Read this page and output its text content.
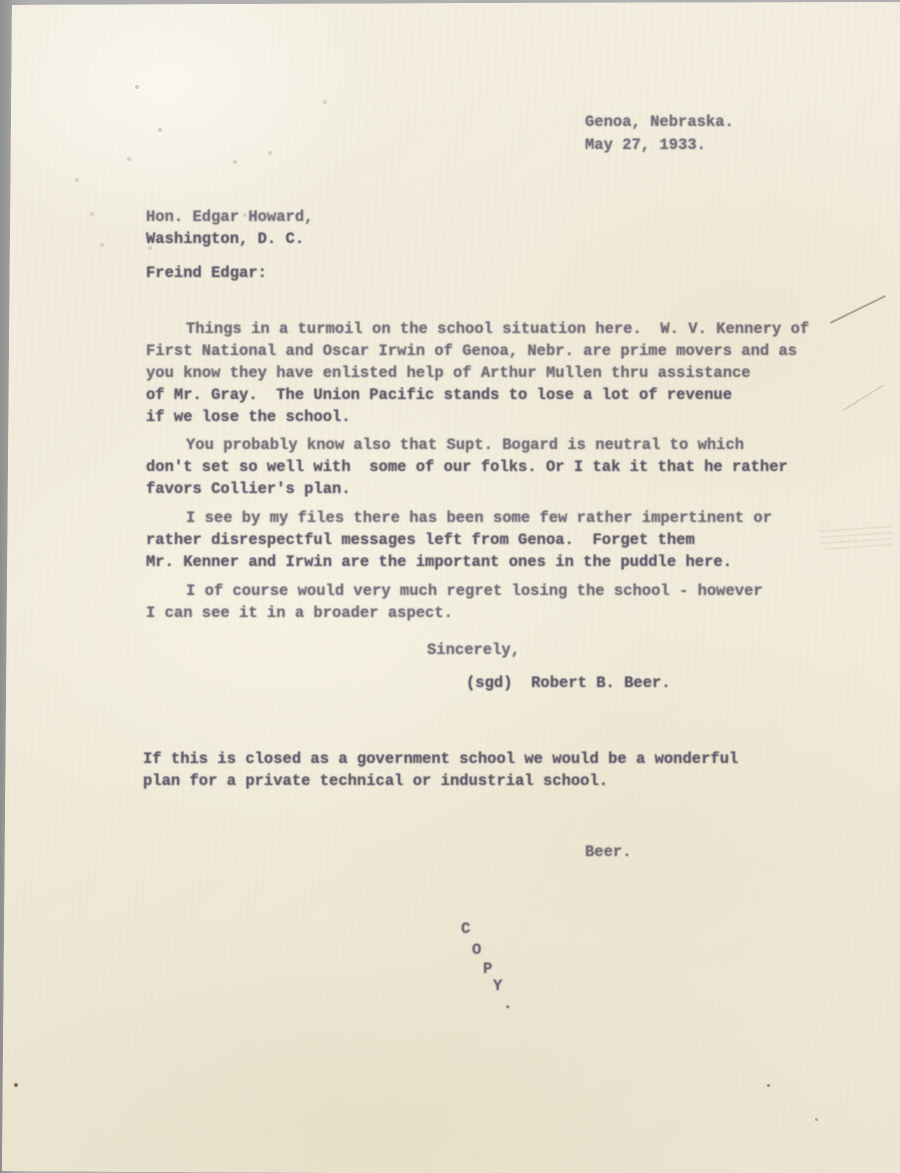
Genoa, Nebraska.
May 27, 1933.
Hon. Edgar Howard,
Washington, D. C.
Freind Edgar:
Things in a turmoil on the school situation here.  W. V. Kennery of
First National and Oscar Irwin of Genoa, Nebr. are prime movers and as
you know they have enlisted help of Arthur Mullen thru assistance
of Mr. Gray.  The Union Pacific stands to lose a lot of revenue
if we lose the school.
You probably know also that Supt. Bogard is neutral to which
don't set so well with  some of our folks. Or I tak it that he rather
favors Collier's plan.
I see by my files there has been some few rather impertinent or
rather disrespectful messages left from Genoa.  Forget them
Mr. Kenner and Irwin are the important ones in the puddle here.
I of course would very much regret losing the school - however
I can see it in a broader aspect.
Sincerely,
(sgd)  Robert B. Beer.
If this is closed as a government school we would be a wonderful
plan for a private technical or industrial school.
Beer.
C
O
P
Y
.
